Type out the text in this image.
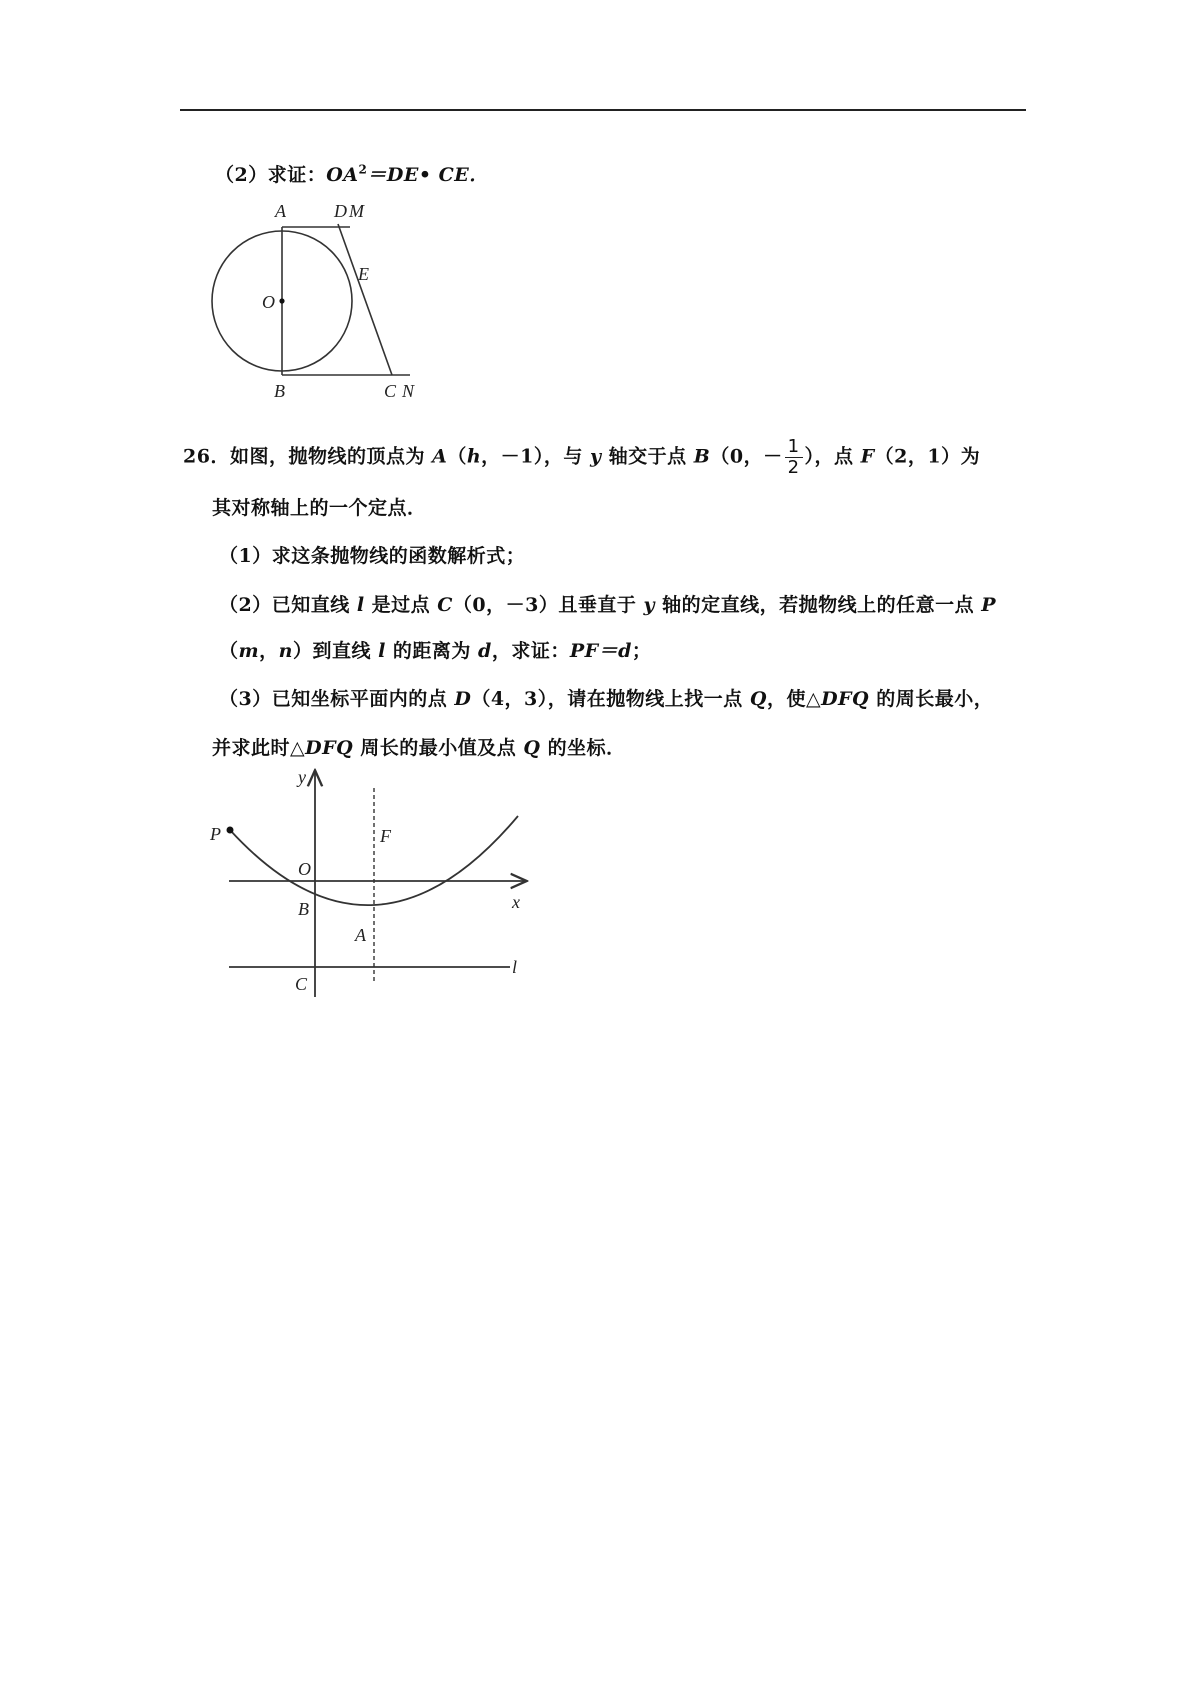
（2）求证：$OA^2=DE•$ CE．
A	D M
E
O
B	C N
26．如图，抛物线的顶点为 A（h，－1），与 y 轴交于点 B（0，－ $\frac{1}{2}$ ），点 F（2，1）为
其对称轴上的一个定点．
（1）求这条抛物线的函数解析式；
（2）已知直线 l 是过点 C（0，－3）且垂直于 y 轴的定直线，若抛物线上的任意一点 P
（m，n）到直线 l 的距离为 d，求证：PF＝d；
（3）已知坐标平面内的点 D（4，3），请在抛物线上找一点 Q，使△DFQ 的周长最小，
并求此时△DFQ 周长的最小值及点 Q 的坐标．
y
x
O
P	F
B
A
C
l
